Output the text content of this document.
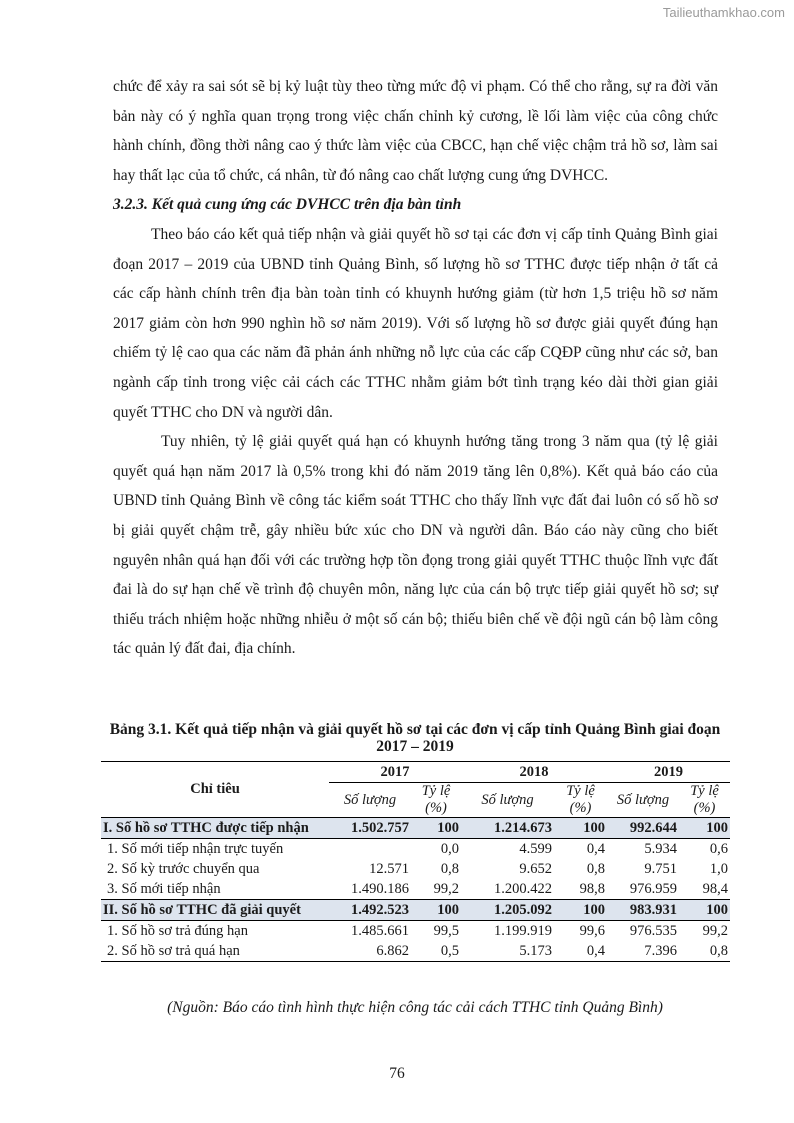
Tailieuthamkhao.com

chức để xảy ra sai sót sẽ bị kỷ luật tùy theo từng mức độ vi phạm. Có thể cho rằng, sự ra đời văn bản này có ý nghĩa quan trọng trong việc chấn chỉnh kỷ cương, lề lối làm việc của công chức hành chính, đồng thời nâng cao ý thức làm việc của CBCC, hạn chế việc chậm trả hồ sơ, làm sai hay thất lạc của tổ chức, cá nhân, từ đó nâng cao chất lượng cung ứng DVHCC.

3.2.3. Kết quả cung ứng các DVHCC trên địa bàn tỉnh

Theo báo cáo kết quả tiếp nhận và giải quyết hồ sơ tại các đơn vị cấp tỉnh Quảng Bình giai đoạn 2017 – 2019 của UBND tỉnh Quảng Bình, số lượng hồ sơ TTHC được tiếp nhận ở tất cả các cấp hành chính trên địa bàn toàn tỉnh có khuynh hướng giảm (từ hơn 1,5 triệu hồ sơ năm 2017 giảm còn hơn 990 nghìn hồ sơ năm 2019). Với số lượng hồ sơ được giải quyết đúng hạn chiếm tỷ lệ cao qua các năm đã phản ánh những nỗ lực của các cấp CQĐP cũng như các sở, ban ngành cấp tỉnh trong việc cải cách các TTHC nhằm giảm bớt tình trạng kéo dài thời gian giải quyết TTHC cho DN và người dân.

Tuy nhiên, tỷ lệ giải quyết quá hạn có khuynh hướng tăng trong 3 năm qua (tỷ lệ giải quyết quá hạn năm 2017 là 0,5% trong khi đó năm 2019 tăng lên 0,8%). Kết quả báo cáo của UBND tỉnh Quảng Bình về công tác kiểm soát TTHC cho thấy lĩnh vực đất đai luôn có số hồ sơ bị giải quyết chậm trễ, gây nhiều bức xúc cho DN và người dân. Báo cáo này cũng cho biết nguyên nhân quá hạn đối với các trường hợp tồn đọng trong giải quyết TTHC thuộc lĩnh vực đất đai là do sự hạn chế về trình độ chuyên môn, năng lực của cán bộ trực tiếp giải quyết hồ sơ; sự thiếu trách nhiệm hoặc những nhiễu ở một số cán bộ; thiếu biên chế về đội ngũ cán bộ làm công tác quản lý đất đai, địa chính.

Bảng 3.1. Kết quả tiếp nhận và giải quyết hồ sơ tại các đơn vị cấp tỉnh Quảng Bình giai đoạn 2017 – 2019
Chỉ tiêu	2017		2018		2019	
	Số lượng	Tỷ lệ (%)	Số lượng	Tỷ lệ (%)	Số lượng	Tỷ lệ (%)
I. Số hồ sơ TTHC được tiếp nhận	1.502.757	100	1.214.673	100	992.644	100
1. Số mới tiếp nhận trực tuyến		0,0	4.599	0,4	5.934	0,6
2. Số kỳ trước chuyển qua	12.571	0,8	9.652	0,8	9.751	1,0
3. Số mới tiếp nhận	1.490.186	99,2	1.200.422	98,8	976.959	98,4
II. Số hồ sơ TTHC đã giải quyết	1.492.523	100	1.205.092	100	983.931	100
1. Số hồ sơ trả đúng hạn	1.485.661	99,5	1.199.919	99,6	976.535	99,2
2. Số hồ sơ trả quá hạn	6.862	0,5	5.173	0,4	7.396	0,8
(Nguồn: Báo cáo tình hình thực hiện công tác cải cách TTHC tỉnh Quảng Bình)
76
